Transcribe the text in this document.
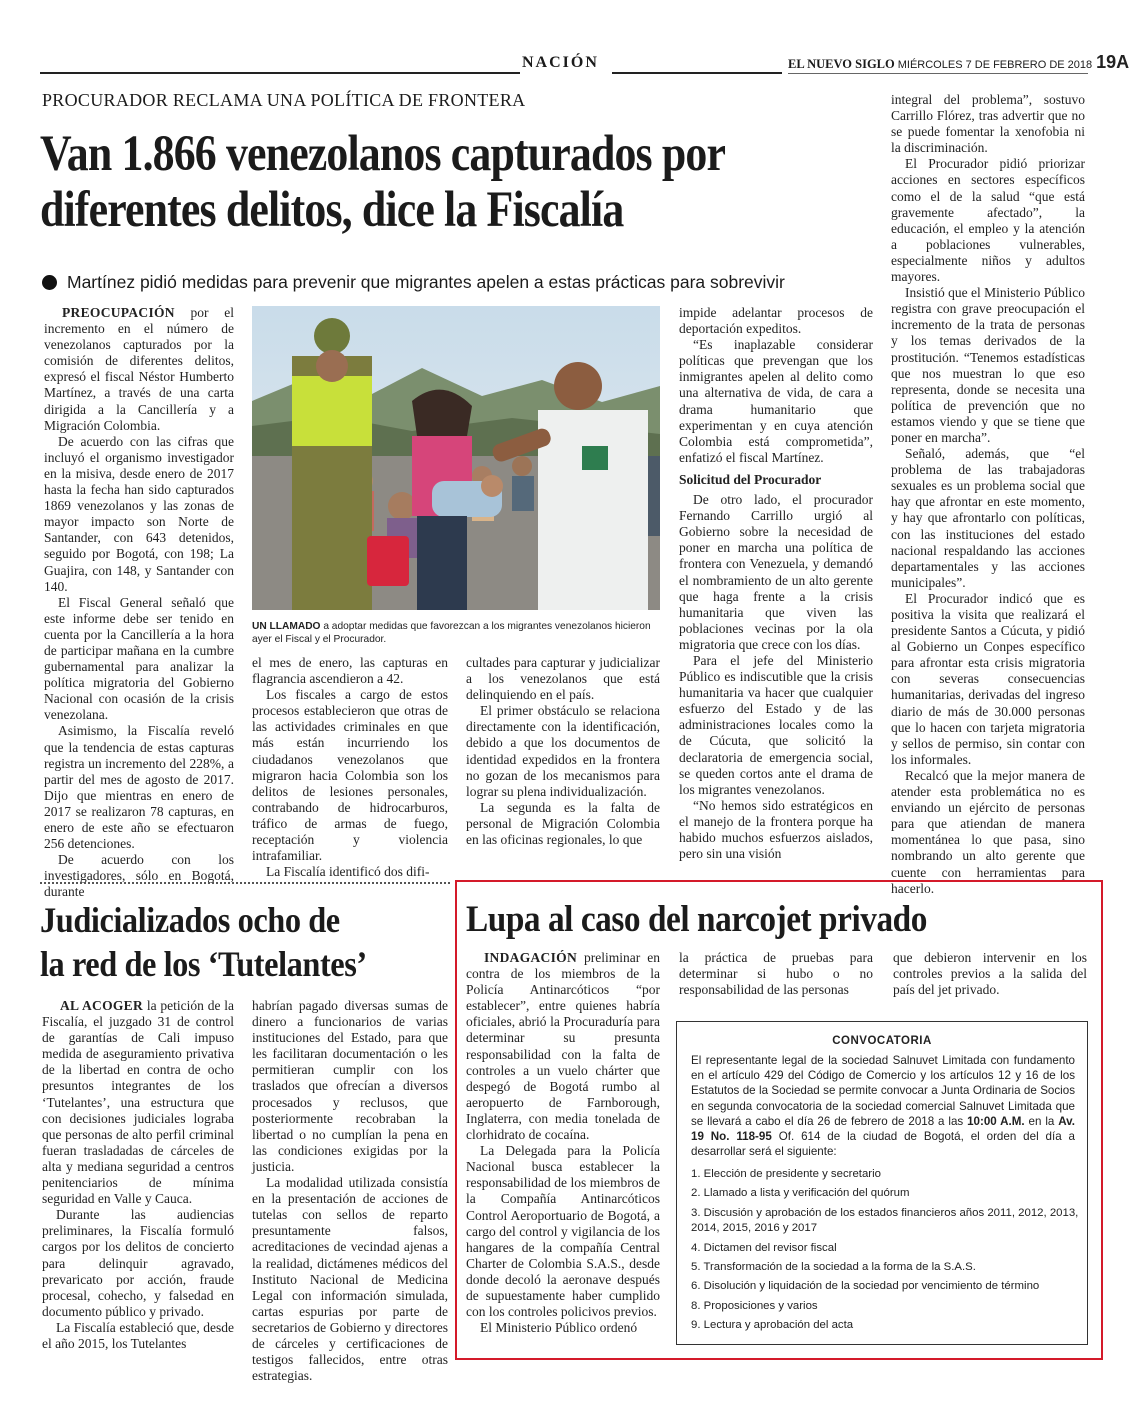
NACIÓN	EL NUEVO SIGLO MIÉRCOLES 7 DE FEBRERO DE 2018 19A
PROCURADOR RECLAMA UNA POLÍTICA DE FRONTERA
Van 1.866 venezolanos capturados por diferentes delitos, dice la Fiscalía
Martínez pidió medidas para prevenir que migrantes apelen a estas prácticas para sobrevivir

PREOCUPACIÓN por el incremento en el número de venezolanos capturados por la comisión de diferentes delitos, expresó el fiscal Néstor Humberto Martínez, a través de una carta dirigida a la Cancillería y a Migración Colombia.

De acuerdo con las cifras que incluyó el organismo investigador en la misiva, desde enero de 2017 hasta la fecha han sido capturados 1869 venezolanos y las zonas de mayor impacto son Norte de Santander, con 643 detenidos, seguido por Bogotá, con 198; La Guajira, con 148, y Santander con 140.

El Fiscal General señaló que este informe debe ser tenido en cuenta por la Cancillería a la hora de participar mañana en la cumbre gubernamental para analizar la política migratoria del Gobierno Nacional con ocasión de la crisis venezolana.

Asimismo, la Fiscalía reveló que la tendencia de estas capturas registra un incremento del 228%, a partir del mes de agosto de 2017. Dijo que mientras en enero de 2017 se realizaron 78 capturas, en enero de este año se efectuaron 256 detenciones.

De acuerdo con los investigadores, sólo en Bogotá, durante

UN LLAMADO a adoptar medidas que favorezcan a los migrantes venezolanos hicieron ayer el Fiscal y el Procurador.

el mes de enero, las capturas en flagrancia ascendieron a 42.

Los fiscales a cargo de estos procesos establecieron que otras de las actividades criminales en que más están incurriendo los ciudadanos venezolanos que migraron hacia Colombia son los delitos de lesiones personales, contrabando de hidrocarburos, tráfico de armas de fuego, receptación y violencia intrafamiliar.

La Fiscalía identificó dos difi-

cultades para capturar y judicializar a los venezolanos que está delinquiendo en el país.

El primer obstáculo se relaciona directamente con la identificación, debido a que los documentos de identidad expedidos en la frontera no gozan de los mecanismos para lograr su plena individualización.

La segunda es la falta de personal de Migración Colombia en las oficinas regionales, lo que

impide adelantar procesos de deportación expeditos.

“Es inaplazable considerar políticas que prevengan que los inmigrantes apelen al delito como una alternativa de vida, de cara a drama humanitario que experimentan y en cuya atención Colombia está comprometida”, enfatizó el fiscal Martínez.

Solicitud del Procurador

De otro lado, el procurador Fernando Carrillo urgió al Gobierno sobre la necesidad de poner en marcha una política de frontera con Venezuela, y demandó el nombramiento de un alto gerente que haga frente a la crisis humanitaria que viven las poblaciones vecinas por la ola migratoria que crece con los días.

Para el jefe del Ministerio Público es indiscutible que la crisis humanitaria va hacer que cualquier esfuerzo del Estado y de las administraciones locales como la de Cúcuta, que solicitó la declaratoria de emergencia social, se queden cortos ante el drama de los migrantes venezolanos.

“No hemos sido estratégicos en el manejo de la frontera porque ha habido muchos esfuerzos aislados, pero sin una visión

integral del problema”, sostuvo Carrillo Flórez, tras advertir que no se puede fomentar la xenofobia ni la discriminación.

El Procurador pidió priorizar acciones en sectores específicos como el de la salud “que está gravemente afectado”, la educación, el empleo y la atención a poblaciones vulnerables, especialmente niños y adultos mayores.

Insistió que el Ministerio Público registra con grave preocupación el incremento de la trata de personas y los temas derivados de la prostitución. “Tenemos estadísticas que nos muestran lo que eso representa, donde se necesita una política de prevención que no estamos viendo y que se tiene que poner en marcha”.

Señaló, además, que “el problema de las trabajadoras sexuales es un problema social que hay que afrontar en este momento, y hay que afrontarlo con políticas, con las instituciones del estado nacional respaldando las acciones departamentales y las acciones municipales”.

El Procurador indicó que es positiva la visita que realizará el presidente Santos a Cúcuta, y pidió al Gobierno un Conpes específico para afrontar esta crisis migratoria con severas consecuencias humanitarias, derivadas del ingreso diario de más de 30.000 personas que lo hacen con tarjeta migratoria y sellos de permiso, sin contar con los informales.

Recalcó que la mejor manera de atender esta problemática no es enviando un ejército de personas para que atiendan de manera momentánea lo que pasa, sino nombrando un alto gerente que cuente con herramientas para hacerlo.

Judicializados ocho de
la red de los ‘Tutelantes’

AL ACOGER la petición de la Fiscalía, el juzgado 31 de control de garantías de Cali impuso medida de aseguramiento privativa de la libertad en contra de ocho presuntos integrantes de los ‘Tutelantes’, una estructura que con decisiones judiciales lograba que personas de alto perfil criminal fueran trasladadas de cárceles de alta y mediana seguridad a centros penitenciarios de mínima seguridad en Valle y Cauca.

Durante las audiencias preliminares, la Fiscalía formuló cargos por los delitos de concierto para delinquir agravado, prevaricato por acción, fraude procesal, cohecho, y falsedad en documento público y privado.

La Fiscalía estableció que, desde el año 2015, los Tutelantes

habrían pagado diversas sumas de dinero a funcionarios de varias instituciones del Estado, para que les facilitaran documentación o les permitieran cumplir con los traslados que ofrecían a diversos procesados y reclusos, que posteriormente recobraban la libertad o no cumplían la pena en las condiciones exigidas por la justicia.

La modalidad utilizada consistía en la presentación de acciones de tutelas con sellos de reparto presuntamente falsos, acreditaciones de vecindad ajenas a la realidad, dictámenes médicos del Instituto Nacional de Medicina Legal con información simulada, cartas espurias por parte de secretarios de Gobierno y directores de cárceles y certificaciones de testigos fallecidos, entre otras estrategias.

Lupa al caso del narcojet privado

INDAGACIÓN preliminar en contra de los miembros de la Policía Antinarcóticos “por establecer”, entre quienes habría oficiales, abrió la Procuraduría para determinar su presunta responsabilidad con la falta de controles a un vuelo chárter que despegó de Bogotá rumbo al aeropuerto de Farnborough, Inglaterra, con media tonelada de clorhidrato de cocaína.

La Delegada para la Policía Nacional busca establecer la responsabilidad de los miembros de la Compañía Antinarcóticos Control Aeroportuario de Bogotá, a cargo del control y vigilancia de los hangares de la compañía Central Charter de Colombia S.A.S., desde donde decoló la aeronave después de supuestamente haber cumplido con los controles policivos previos.

El Ministerio Público ordenó

la práctica de pruebas para determinar si hubo o no responsabilidad de las personas

que debieron intervenir en los controles previos a la salida del país del jet privado.

CONVOCATORIA
El representante legal de la sociedad Salnuvet Limitada con fundamento en el artículo 429 del Código de Comercio y los artículos 12 y 16 de los Estatutos de la Sociedad se permite convocar a Junta Ordinaria de Socios en segunda convocatoria de la sociedad comercial Salnuvet Limitada que se llevará a cabo el día 26 de febrero de 2018 a las 10:00 A.M. en la Av. 19 No. 118-95 Of. 614 de la ciudad de Bogotá, el orden del día a desarrollar será el siguiente:
1. Elección de presidente y secretario
2. Llamado a lista y verificación del quórum
3. Discusión y aprobación de los estados financieros años 2011, 2012, 2013, 2014, 2015, 2016 y 2017
4. Dictamen del revisor fiscal
5. Transformación de la sociedad a la forma de la S.A.S.
6. Disolución y liquidación de la sociedad por vencimiento de término
8. Proposiciones y varios
9. Lectura y aprobación del acta
